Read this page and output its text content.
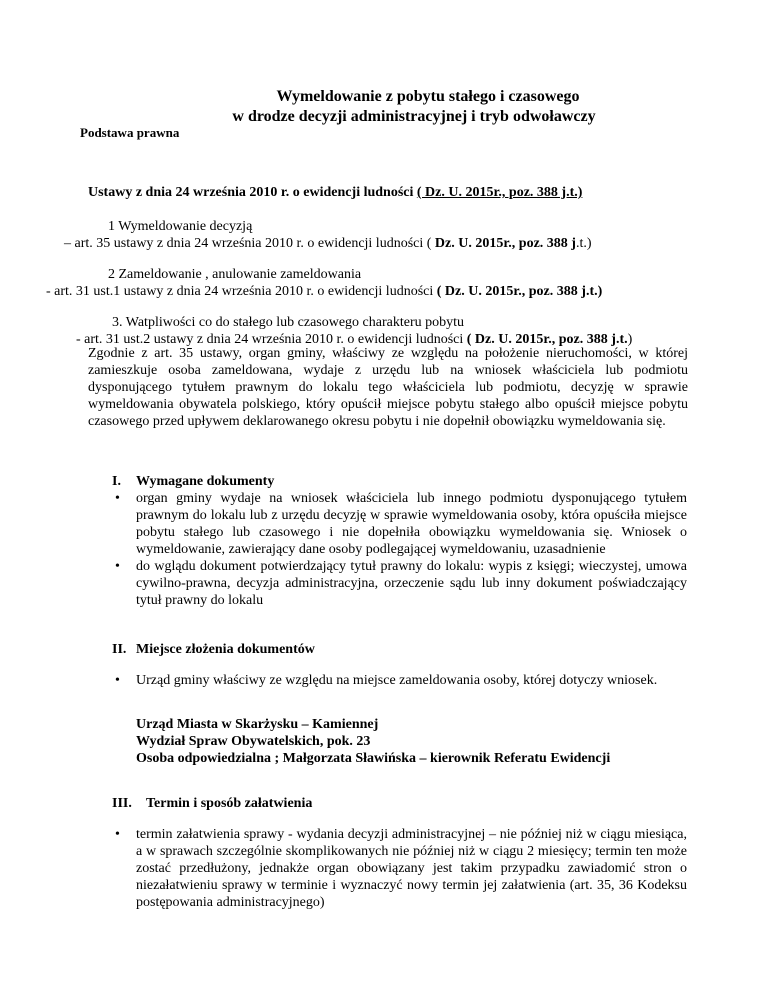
Wymeldowanie z pobytu stałego i czasowego
w drodze decyzji administracyjnej i tryb odwoławczy
Podstawa prawna
Ustawy z dnia 24 września 2010 r. o ewidencji ludności ( Dz. U. 2015r., poz. 388 j.t.)
1 Wymeldowanie decyzją
– art. 35 ustawy z dnia 24 września 2010 r. o ewidencji ludności ( Dz. U. 2015r., poz. 388 j.t.)
2 Zameldowanie , anulowanie zameldowania
- art. 31 ust.1 ustawy z dnia 24 września 2010 r. o ewidencji ludności ( Dz. U. 2015r., poz. 388 j.t.)
3. Watpliwości co do stałego lub czasowego charakteru pobytu
- art. 31 ust.2 ustawy z dnia 24 września 2010 r. o ewidencji ludności ( Dz. U. 2015r., poz. 388 j.t.)
Zgodnie z art. 35 ustawy, organ gminy, właściwy ze względu na położenie nieruchomości, w której zamieszkuje osoba zameldowana, wydaje z urzędu lub na wniosek właściciela lub podmiotu dysponującego tytułem prawnym do lokalu tego właściciela lub podmiotu, decyzję w sprawie wymeldowania obywatela polskiego, który opuścił miejsce pobytu stałego albo opuścił miejsce pobytu czasowego przed upływem deklarowanego okresu pobytu i nie dopełnił obowiązku wymeldowania się.
I. Wymagane dokumenty
• organ gminy wydaje na wniosek właściciela lub innego podmiotu dysponującego tytułem prawnym do lokalu lub z urzędu decyzję w sprawie wymeldowania osoby, która opuściła miejsce pobytu stałego lub czasowego i nie dopełniła obowiązku wymeldowania się. Wniosek o wymeldowanie, zawierający dane osoby podlegającej wymeldowaniu, uzasadnienie
• do wglądu dokument potwierdzający tytuł prawny do lokalu: wypis z księgi; wieczystej, umowa cywilno-prawna, decyzja administracyjna, orzeczenie sądu lub inny dokument poświadczający tytuł prawny do lokalu
II. Miejsce złożenia dokumentów
• Urząd gminy właściwy ze względu na miejsce zameldowania osoby, której dotyczy wniosek.
Urząd Miasta w Skarżysku – Kamiennej
Wydział Spraw Obywatelskich, pok. 23
Osoba odpowiedzialna ; Małgorzata Sławińska – kierownik Referatu Ewidencji
III. Termin i sposób załatwienia
• termin załatwienia sprawy - wydania decyzji administracyjnej – nie później niż w ciągu miesiąca, a w sprawach szczególnie skomplikowanych nie później niż w ciągu 2 miesięcy; termin ten może zostać przedłużony, jednakże organ obowiązany jest takim przypadku zawiadomić stron o niezałatwieniu sprawy w terminie i wyznaczyć nowy termin jej załatwienia (art. 35, 36 Kodeksu postępowania administracyjnego)
